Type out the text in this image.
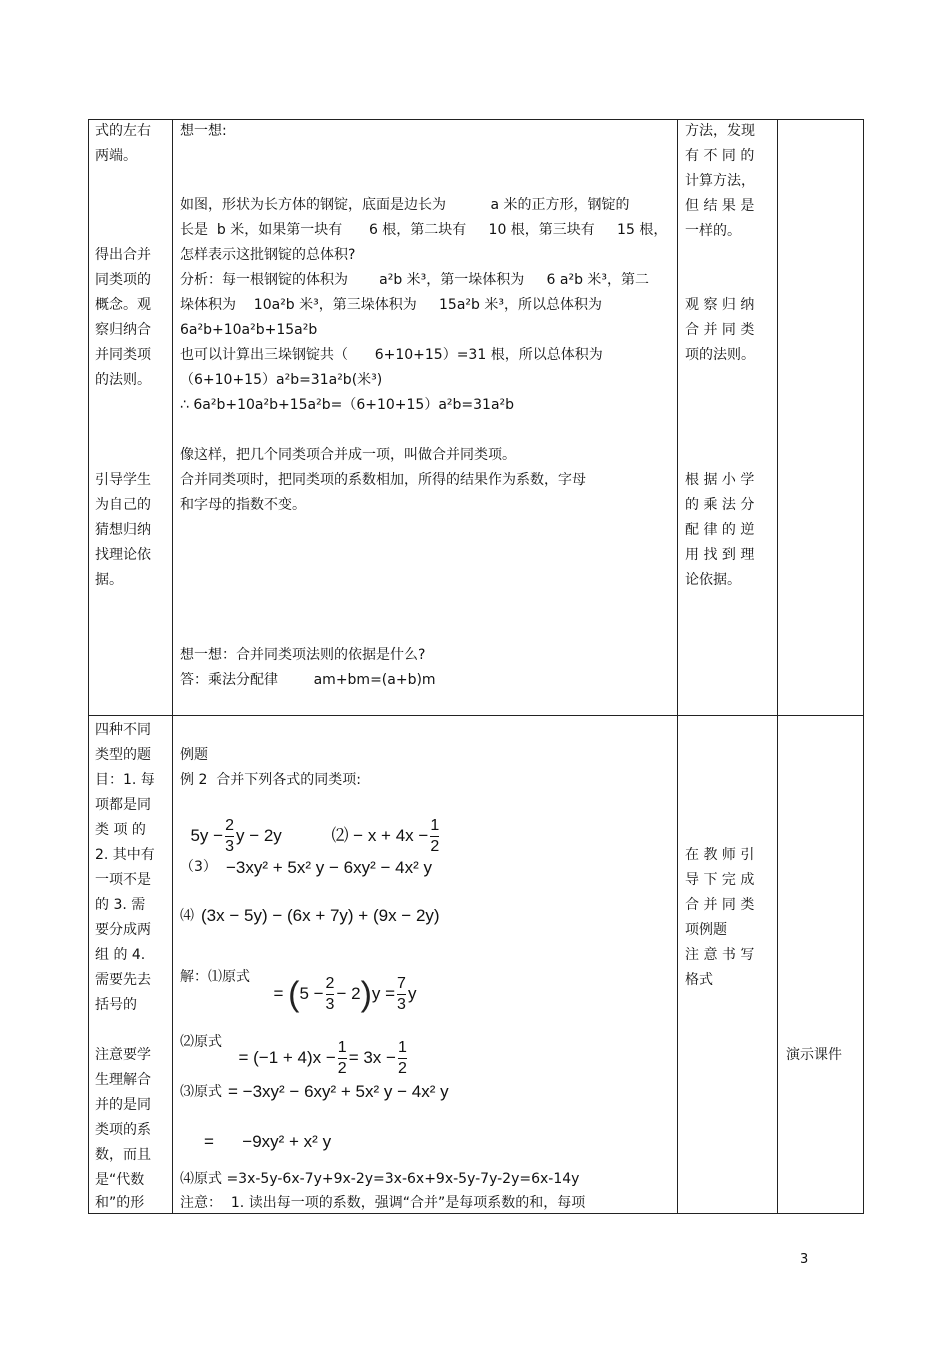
式的左右
两端。
得出合并
同类项的
概念。观
察归纳合
并同类项
的法则。
引导学生
为自己的
猜想归纳
找理论依
据。
四种不同
类型的题
目：1. 每
项都是同
类 项 的
2. 其中有
一项不是
的 3. 需
要分成两
组 的 4.
需要先去
括号的
注意要学
生理解合
并的是同
类项的系
数，而且
是“代数
和”的形
方法，发现
有 不 同 的
计算方法，
但 结 果 是
一样的。
观 察 归 纳
合 并 同 类
项的法则。
根 据 小 学
的 乘 法 分
配 律 的 逆
用 找 到 理
论依据。
在 教 师 引
导 下 完 成
合 并 同 类
项例题
注 意 书 写
格式
演示课件
想一想:
如图，形状为长方体的钢锭，底面是边长为          a 米的正方形，钢锭的
长是  b 米，如果第一块有      6 根，第二块有     10 根，第三块有     15 根，
怎样表示这批钢锭的总体积?
分析：每一根钢锭的体积为       a²b 米³，第一垛体积为     6 a²b 米³，第二
垛体积为    10a²b 米³，第三垛体积为     15a²b 米³，所以总体积为
6a²b+10a²b+15a²b
也可以计算出三垛钢锭共（      6+10+15）=31 根，所以总体积为
（6+10+15）a²b=31a²b(米³)
∴ 6a²b+10a²b+15a²b=（6+10+15）a²b=31a²b
像这样，把几个同类项合并成一项，叫做合并同类项。
合并同类项时，把同类项的系数相加，所得的结果作为系数，字母
和字母的指数不变。
想一想：合并同类项法则的依据是什么?
答：乘法分配律        am+bm=(a+b)m
例题
例 2  合并下列各式的同类项:

$5y - \frac{2}{3}$ y − 2y	⑵ − $x + 4x - \frac{1}{2}$

（3） −3xy² + 5x² y − 6xy² − 4x² y
⑷ (3x − 5y) − (6x + 7y) + (9x − 2y)
解：⑴原式

= $(5 - \frac{2}{3} - 2)y = \frac{7}{3}$ y

⑵原式

= $(-1 + 4)x - \frac{1}{2} = 3x - \frac{1}{2}$

⑶原式 = −3xy² − 6xy² + 5x² y − 4x² y
=      −9xy² + x² y
⑷原式 =3x-5y-6x-7y+9x-2y=3x-6x+9x-5y-7y-2y=6x-14y
注意：  1. 读出每一项的系数，强调“合并”是每项系数的和，每项
3
